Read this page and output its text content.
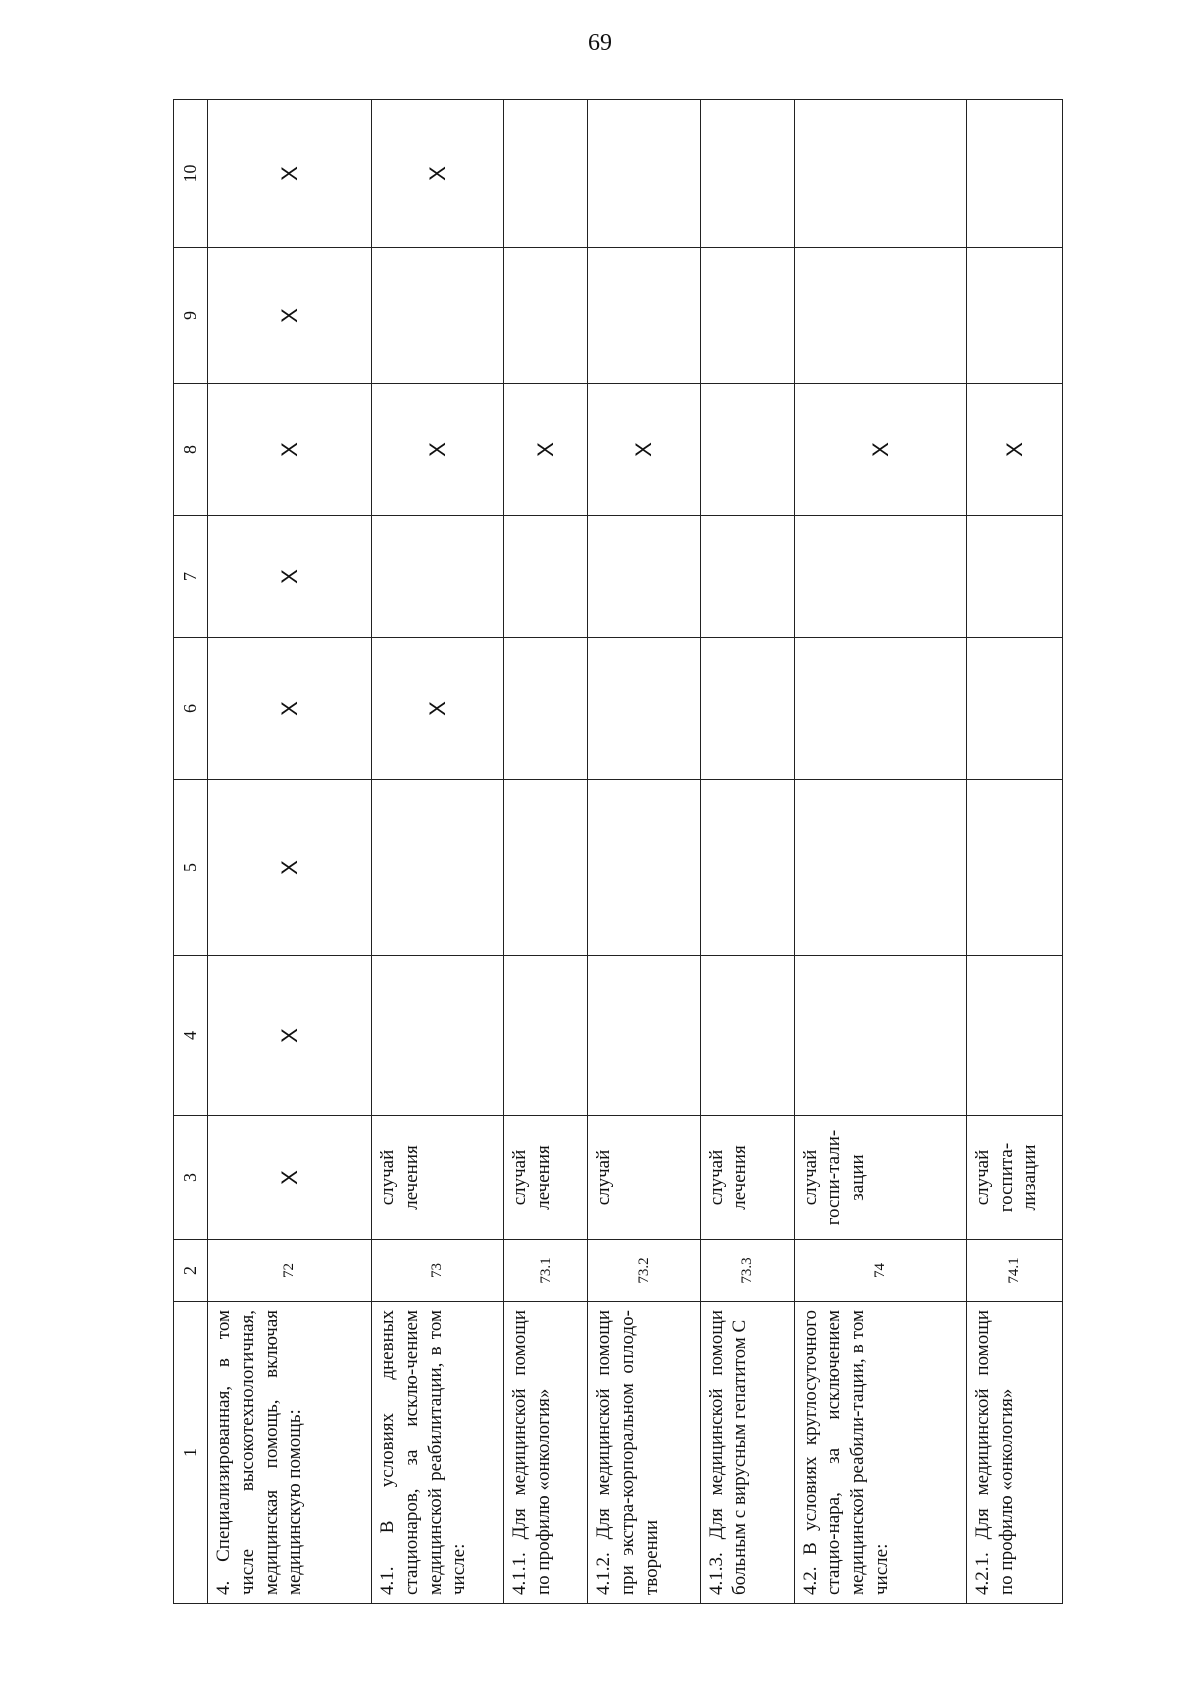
69
1	2	3	4	5	6	7	8	9	10
4. Специализированная, в том числе высокотехнологичная, медицинская помощь, включая медицинскую помощь:	72	X	X	X	X	X	X	X	X
4.1. В условиях дневных стационаров, за исклю-чением медицинской реабилитации, в том числе:	73	случай лечения			X		X		X
4.1.1. Для медицинской помощи по профилю «онкология»	73.1	случай лечения					X		
4.1.2. Для медицинской помощи при экстра-корпоральном оплодо-творении	73.2	случай					X		
4.1.3. Для медицинской помощи больным с вирусным гепатитом С	73.3	случай лечения							
4.2. В условиях круглосуточного стацио-нара, за исключением медицинской реабили-тации, в том числе:	74	случай госпи-тали-зации					X		
4.2.1. Для медицинской помощи по профилю «онкология»	74.1	случай госпита-лизации					X		
